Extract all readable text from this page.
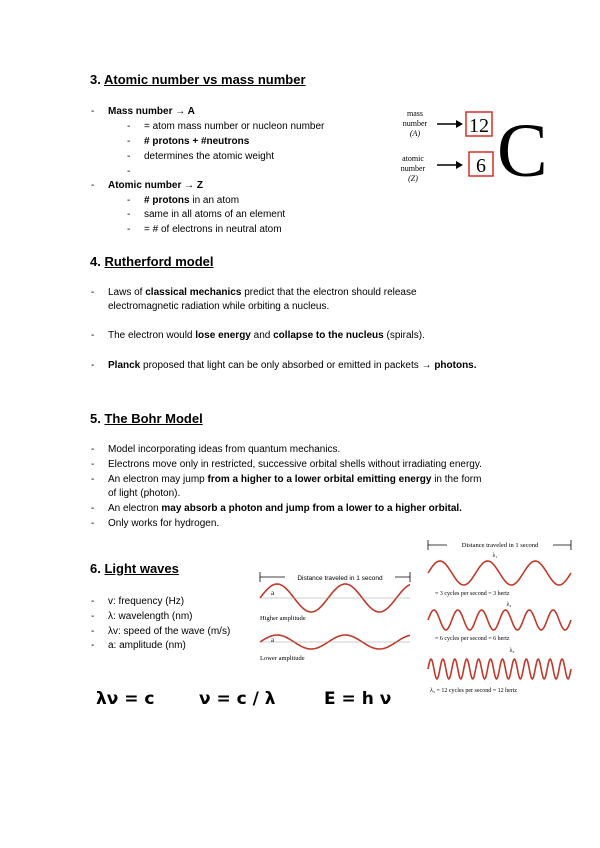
3. Atomic number vs mass number
- Mass number → A
- = atom mass number or nucleon number
- # protons + #neutrons
- determines the atomic weight
-
- Atomic number → Z
- # protons in an atom
- same in all atoms of an element
- = # of electrons in neutral atom
mass
number
(A) 12
atomic
number
(Z)
6 C
4. Rutherford model
- Laws of classical mechanics predict that the electron should release
electromagnetic radiation while orbiting a nucleus.
- The electron would lose energy and collapse to the nucleus (spirals).
- Planck proposed that light can be only absorbed or emitted in packets → photons.
5. The Bohr Model
- Model incorporating ideas from quantum mechanics.
- Electrons move only in restricted, successive orbital shells without irradiating energy.
- An electron may jump from a higher to a lower orbital emitting energy in the form
of light (photon).
- An electron may absorb a photon and jump from a lower to a higher orbital.
- Only works for hydrogen.
6. Light waves
- v: frequency (Hz)
- λ: wavelength (nm)
- λv: speed of the wave (m/s)
- a: amplitude (nm)
Distance traveled in 1 second
a
Higher amplitude
a
Lower amplitude
Distance traveled in 1 second
λ₁
= 3 cycles per second = 3 hertz
λ₂
= 6 cycles per second = 6 hertz
λ₃
λ₃ = 12 cycles per second = 12 hertz
λν = c	ν = c / λ	E = h ν
